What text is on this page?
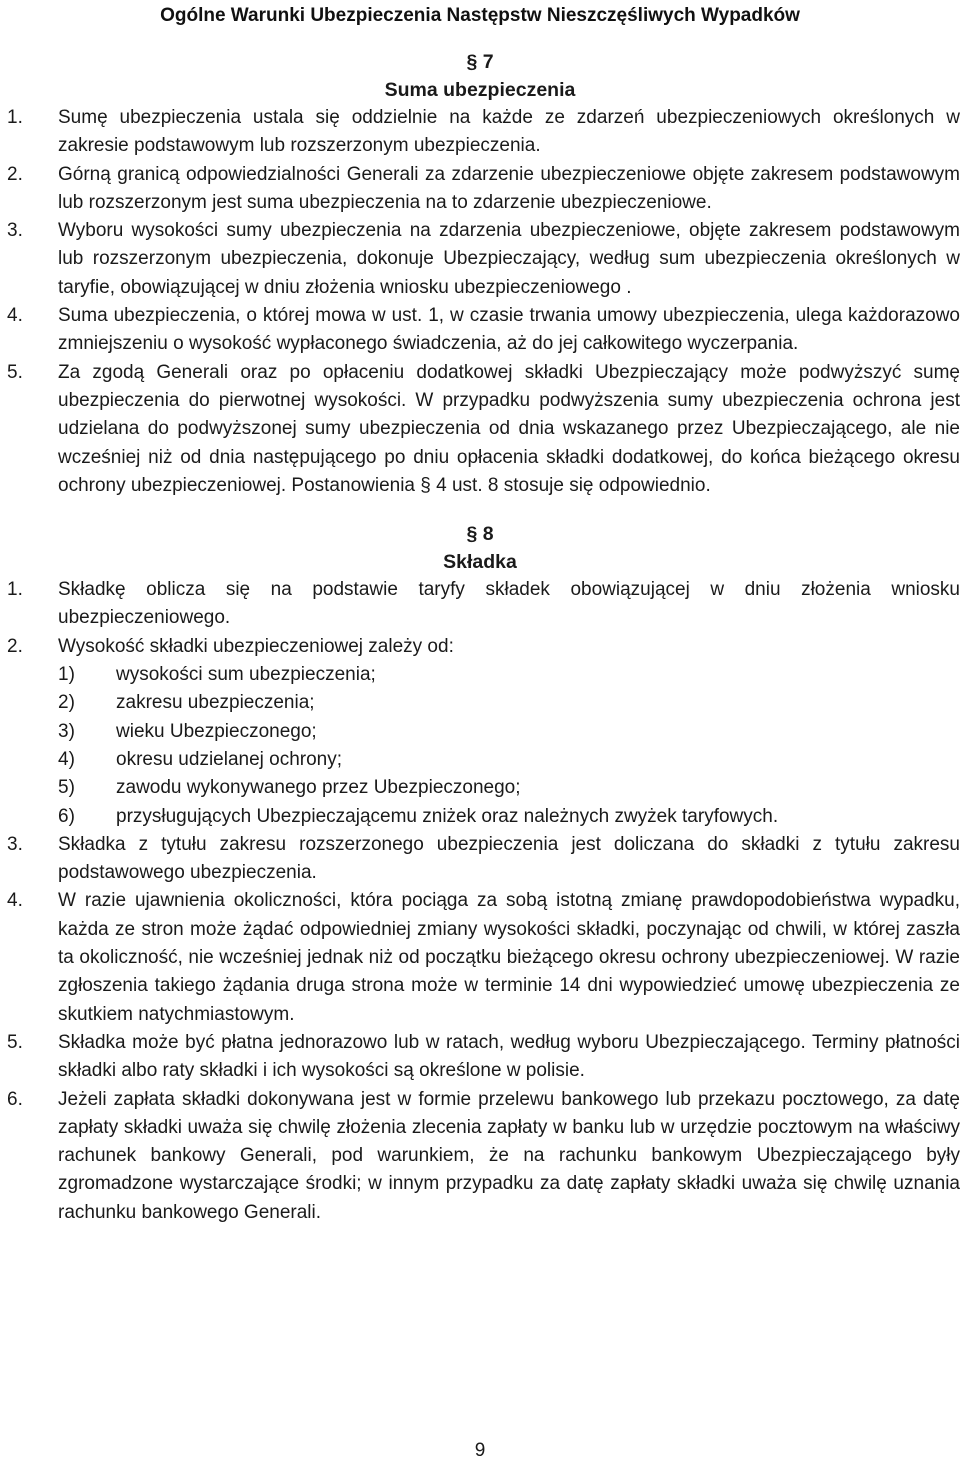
Ogólne Warunki Ubezpieczenia Następstw Nieszczęśliwych Wypadków
§ 7
Suma ubezpieczenia
1. Sumę ubezpieczenia ustala się oddzielnie na każde ze zdarzeń ubezpieczeniowych określonych w zakresie podstawowym lub rozszerzonym ubezpieczenia.
2. Górną granicą odpowiedzialności Generali za zdarzenie ubezpieczeniowe objęte zakresem podstawowym lub rozszerzonym jest suma ubezpieczenia na to zdarzenie ubezpieczeniowe.
3. Wyboru wysokości sumy ubezpieczenia na zdarzenia ubezpieczeniowe, objęte zakresem podstawowym lub rozszerzonym ubezpieczenia, dokonuje Ubezpieczający, według sum ubezpieczenia określonych w taryfie, obowiązującej w dniu złożenia wniosku ubezpieczeniowego .
4. Suma ubezpieczenia, o której mowa w ust. 1, w czasie trwania umowy ubezpieczenia, ulega każdorazowo zmniejszeniu o wysokość wypłaconego świadczenia, aż do jej całkowitego wyczerpania.
5. Za zgodą Generali oraz po opłaceniu dodatkowej składki Ubezpieczający może podwyższyć sumę ubezpieczenia do pierwotnej wysokości. W przypadku podwyższenia sumy ubezpieczenia ochrona jest udzielana do podwyższonej sumy ubezpieczenia od dnia wskazanego przez Ubezpieczającego, ale nie wcześniej niż od dnia następującego po dniu opłacenia składki dodatkowej, do końca bieżącego okresu ochrony ubezpieczeniowej. Postanowienia § 4 ust. 8 stosuje się odpowiednio.
§ 8
Składka
1. Składkę oblicza się na podstawie taryfy składek obowiązującej w dniu złożenia wniosku ubezpieczeniowego.
2. Wysokość składki ubezpieczeniowej zależy od:
1) wysokości sum ubezpieczenia;
2) zakresu ubezpieczenia;
3) wieku Ubezpieczonego;
4) okresu udzielanej ochrony;
5) zawodu wykonywanego przez Ubezpieczonego;
6) przysługujących Ubezpieczającemu zniżek oraz należnych zwyżek taryfowych.
3. Składka z tytułu zakresu rozszerzonego ubezpieczenia jest doliczana do składki z tytułu zakresu podstawowego ubezpieczenia.
4. W razie ujawnienia okoliczności, która pociąga za sobą istotną zmianę prawdopodobieństwa wypadku, każda ze stron może żądać odpowiedniej zmiany wysokości składki, poczynając od chwili, w której zaszła ta okoliczność, nie wcześniej jednak niż od początku bieżącego okresu ochrony ubezpieczeniowej. W razie zgłoszenia takiego żądania druga strona może w terminie 14 dni wypowiedzieć umowę ubezpieczenia ze skutkiem natychmiastowym.
5. Składka może być płatna jednorazowo lub w ratach, według wyboru Ubezpieczającego. Terminy płatności składki albo raty składki i ich wysokości są określone w polisie.
6. Jeżeli zapłata składki dokonywana jest w formie przelewu bankowego lub przekazu pocztowego, za datę zapłaty składki uważa się chwilę złożenia zlecenia zapłaty w banku lub w urzędzie pocztowym na właściwy rachunek bankowy Generali, pod warunkiem, że na rachunku bankowym Ubezpieczającego były zgromadzone wystarczające środki; w innym przypadku za datę zapłaty składki uważa się chwilę uznania rachunku bankowego Generali.
9
